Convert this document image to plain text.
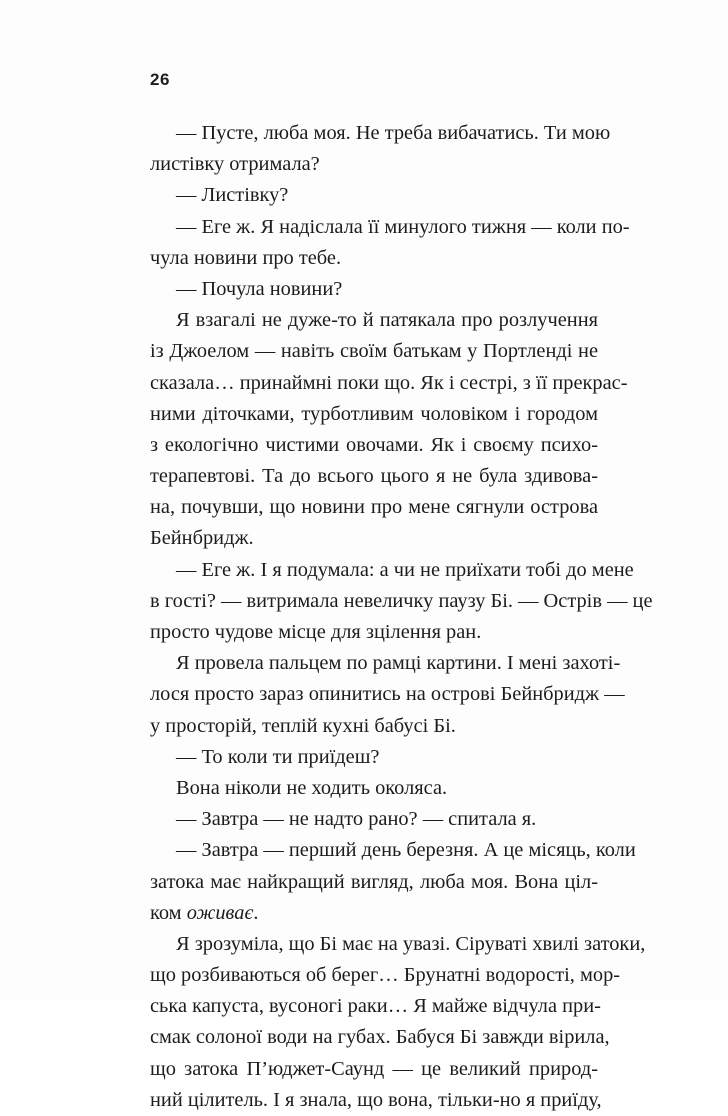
26
— Пусте, люба моя. Не треба вибачатись. Ти мою
листівку отримала?
— Листівку?
— Еге ж. Я надіслала її минулого тижня — коли по-
чула новини про тебе.
— Почула новини?
Я взагалі не дуже-то й патякала про розлучення
із Джоелом — навіть своїм батькам у Портленді не
сказала… принаймні поки що. Як і сестрі, з її прекрас-
ними діточками, турботливим чоловіком і городом
з екологічно чистими овочами. Як і своєму психо-
терапевтові. Та до всього цього я не була здивова-
на, почувши, що новини про мене сягнули острова
Бейнбридж.
— Еге ж. І я подумала: а чи не приїхати тобі до мене
в гості? — витримала невеличку паузу Бі. — Острів — це
просто чудове місце для зцілення ран.
Я провела пальцем по рамці картини. І мені захоті-
лося просто зараз опинитись на острові Бейнбридж —
у просторій, теплій кухні бабусі Бі.
— То коли ти приїдеш?
Вона ніколи не ходить околяса.
— Завтра — не надто рано? — спитала я.
— Завтра — перший день березня. А це місяць, коли
затока має найкращий вигляд, люба моя. Вона ціл-
ком оживає.
Я зрозуміла, що Бі має на увазі. Сіруваті хвилі затоки,
що розбиваються об берег… Брунатні водорості, мор-
ська капуста, вусоногі раки… Я майже відчула при-
смак солоної води на губах. Бабуся Бі завжди вірила,
що затока П’юджет-Саунд — це великий природ-
ний цілитель. І я знала, що вона, тільки-но я приїду,
